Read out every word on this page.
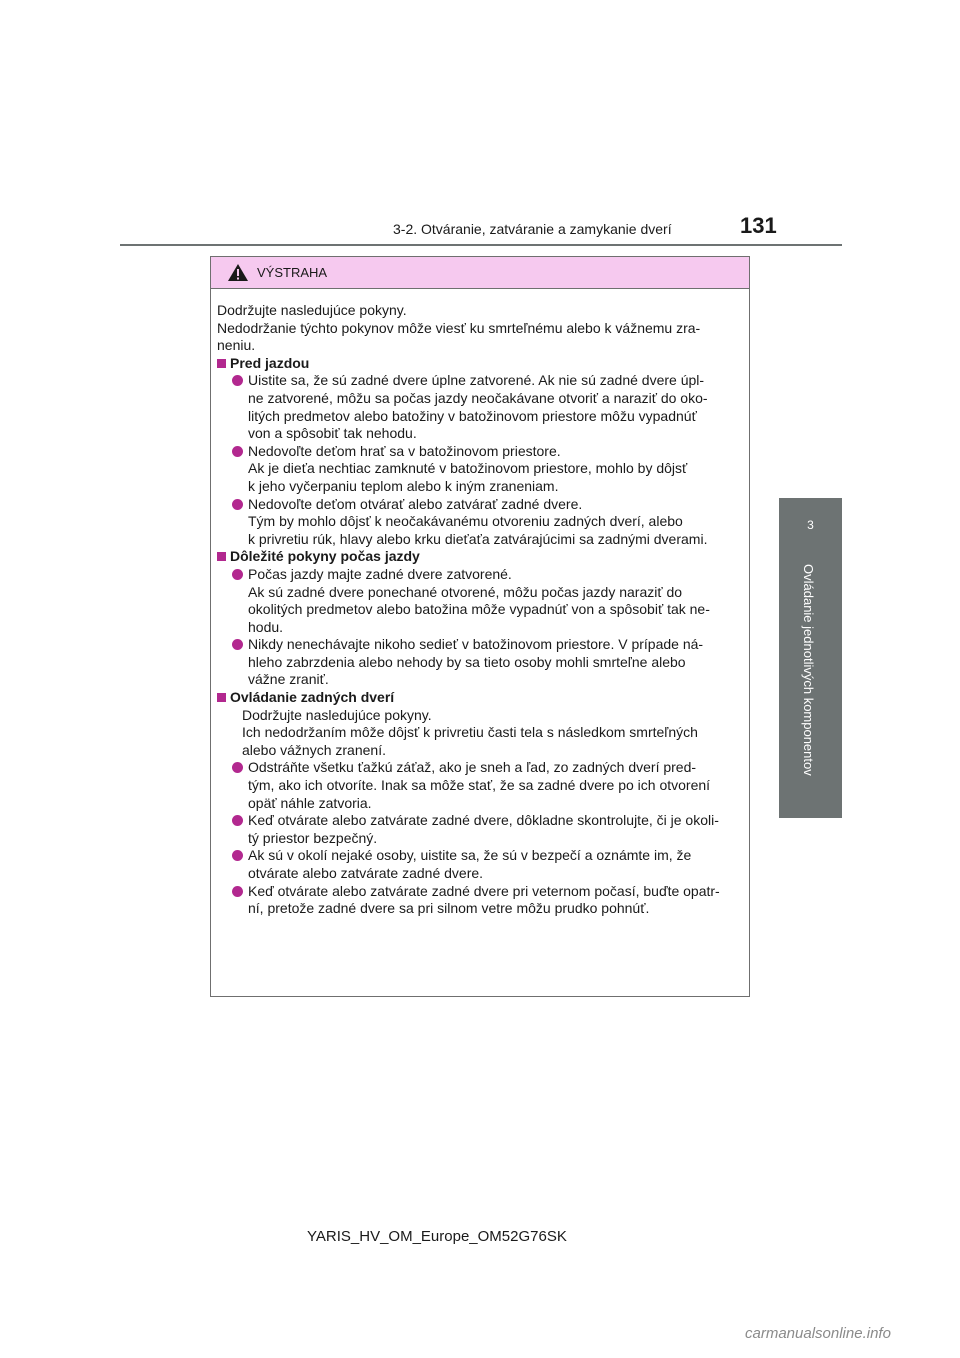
3-2. Otváranie, zatváranie a zamykanie dverí	131
3
Ovládanie jednotlivých komponentov
VÝSTRAHA

Dodržujte nasledujúce pokyny.
Nedodržanie týchto pokynov môže viesť ku smrteľnému alebo k vážnemu zra-
neniu.

Pred jazdou

Uistite sa, že sú zadné dvere úplne zatvorené. Ak nie sú zadné dvere úpl-
ne zatvorené, môžu sa počas jazdy neočakávane otvoriť a naraziť do oko-
litých predmetov alebo batožiny v batožinovom priestore môžu vypadnúť
von a spôsobiť tak nehodu.

Nedovoľte deťom hrať sa v batožinovom priestore.
Ak je dieťa nechtiac zamknuté v batožinovom priestore, mohlo by dôjsť
k jeho vyčerpaniu teplom alebo k iným zraneniam.

Nedovoľte deťom otvárať alebo zatvárať zadné dvere.
Tým by mohlo dôjsť k neočakávanému otvoreniu zadných dverí, alebo
k privretiu rúk, hlavy alebo krku dieťaťa zatvárajúcimi sa zadnými dverami.

Dôležité pokyny počas jazdy

Počas jazdy majte zadné dvere zatvorené.
Ak sú zadné dvere ponechané otvorené, môžu počas jazdy naraziť do
okolitých predmetov alebo batožina môže vypadnúť von a spôsobiť tak ne-
hodu.

Nikdy nenechávajte nikoho sedieť v batožinovom priestore. V prípade ná-
hleho zabrzdenia alebo nehody by sa tieto osoby mohli smrteľne alebo
vážne zraniť.

Ovládanie zadných dverí

Dodržujte nasledujúce pokyny.
Ich nedodržaním môže dôjsť k privretiu časti tela s následkom smrteľných
alebo vážnych zranení.

Odstráňte všetku ťažkú záťaž, ako je sneh a ľad, zo zadných dverí pred-
tým, ako ich otvoríte. Inak sa môže stať, že sa zadné dvere po ich otvorení
opäť náhle zatvoria.

Keď otvárate alebo zatvárate zadné dvere, dôkladne skontrolujte, či je okoli-
tý priestor bezpečný.

Ak sú v okolí nejaké osoby, uistite sa, že sú v bezpečí a oznámte im, že
otvárate alebo zatvárate zadné dvere.

Keď otvárate alebo zatvárate zadné dvere pri veternom počasí, buďte opatr-
ní, pretože zadné dvere sa pri silnom vetre môžu prudko pohnúť.

YARIS_HV_OM_Europe_OM52G76SK
carmanualsonline.info
